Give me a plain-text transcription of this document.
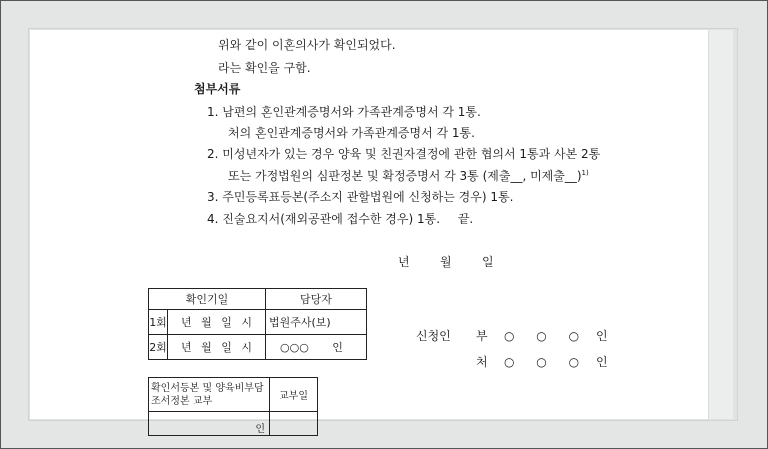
위와 같이 이혼의사가 확인되었다.
라는 확인을 구함.
첨부서류
1. 남편의 혼인관계증명서와 가족관계증명서 각 1통.
처의 혼인관계증명서와 가족관계증명서 각 1통.
2. 미성년자가 있는 경우 양육 및 친권자결정에 관한 협의서 1통과 사본 2통
또는 가정법원의 심판정본 및 확정증명서 각 3통 (제출__, 미제출__)$^{1)}$
3. 주민등록표등본(주소지 관할법원에 신청하는 경우) 1통.
4. 진술요지서(재외공관에 접수한 경우) 1통. 끝.
년	월	일
확인기일		담당자
1회	년 월 일 시	법원주사(보)
2회	년 월 일 시	○○○ 인
신청인 부 ○ ○ ○ 인
처 ○ ○ ○ 인
확인서등본 및 양육비부담조서정본 교부	교부일
인	
